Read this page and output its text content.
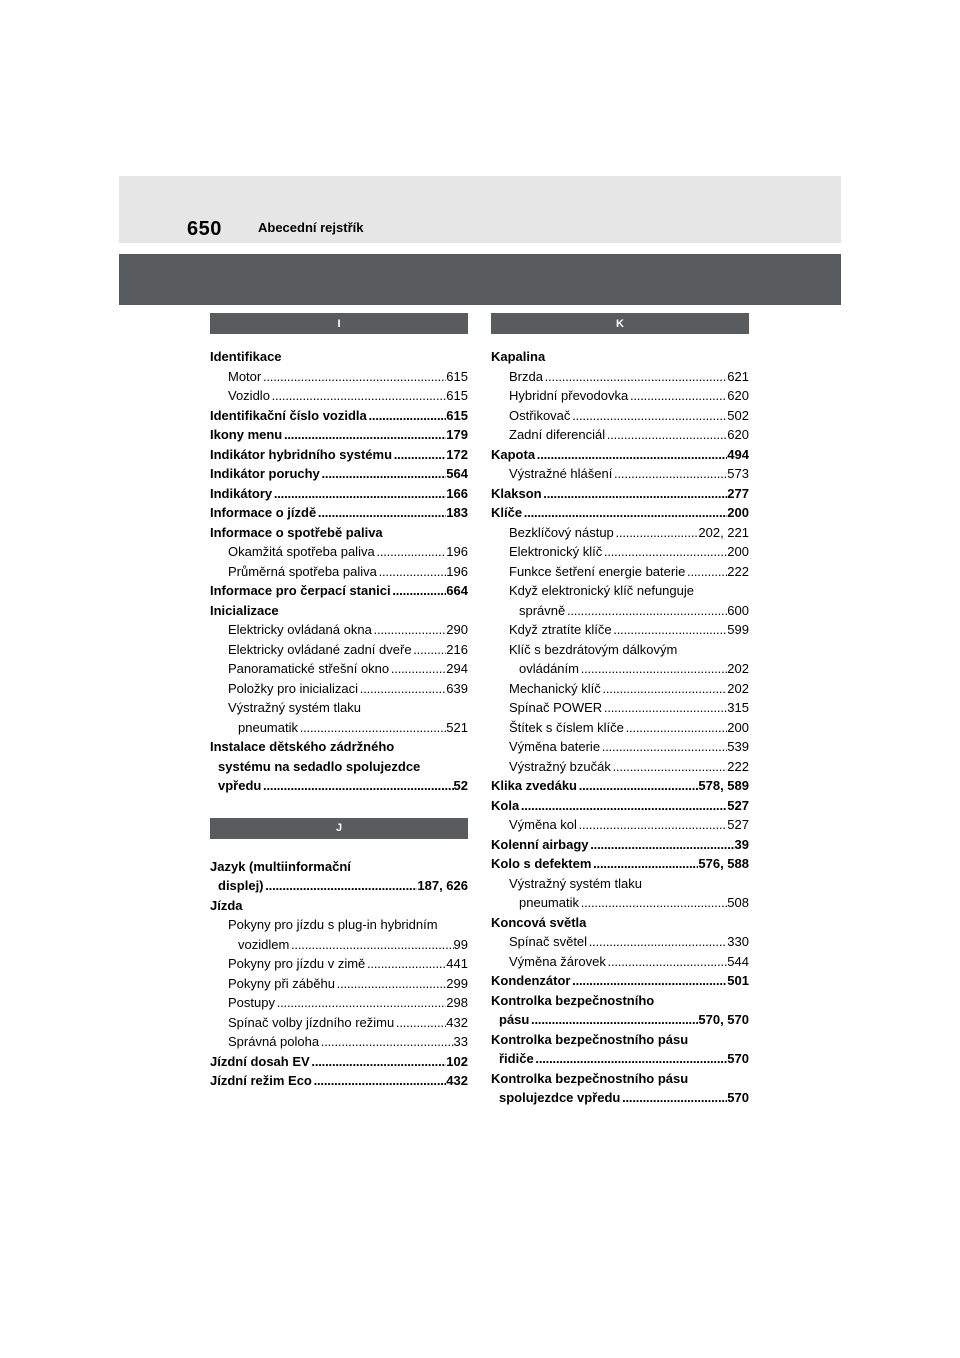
650	Abecední rejstřík
I
Identifikace
Motor . . .	615
Vozidlo . . .	615
Identifikační číslo vozidla . . .	615
Ikony menu . . .	179
Indikátor hybridního systému . . .	172
Indikátor poruchy . . .	564
Indikátory . . .	166
Informace o jízdě . . .	183
Informace o spotřebě paliva
Okamžitá spotřeba paliva . . .	196
Průměrná spotřeba paliva . . .	196
Informace pro čerpací stanici . . .	664
Inicializace
Elektricky ovládaná okna . . .	290
Elektricky ovládané zadní dveře . . .	216
Panoramatické střešní okno . . .	294
Položky pro inicializaci . . .	639
Výstražný systém tlaku
pneumatik . . .	521
Instalace dětského zádržného
systému na sedadlo spolujezdce
vpředu . . .	52
J
Jazyk (multiinformační
displej) . . .	187, 626
Jízda
Pokyny pro jízdu s plug-in hybridním
vozidlem . . .	99
Pokyny pro jízdu v zimě . . .	441
Pokyny při záběhu . . .	299
Postupy . . .	298
Spínač volby jízdního režimu . . .	432
Správná poloha . . .	33
Jízdní dosah EV . . .	102
Jízdní režim Eco . . .	432
K
Kapalina
Brzda . . .	621
Hybridní převodovka . . .	620
Ostřikovač . . .	502
Zadní diferenciál . . .	620
Kapota . . .	494
Výstražné hlášení . . .	573
Klakson . . .	277
Klíče . . .	200
Bezklíčový nástup . . .	202, 221
Elektronický klíč . . .	200
Funkce šetření energie baterie . . .	222
Když elektronický klíč nefunguje
správně . . .	600
Když ztratíte klíče . . .	599
Klíč s bezdrátovým dálkovým
ovládáním . . .	202
Mechanický klíč . . .	202
Spínač POWER . . .	315
Štítek s číslem klíče . . .	200
Výměna baterie . . .	539
Výstražný bzučák . . .	222
Klika zvedáku . . .	578, 589
Kola . . .	527
Výměna kol . . .	527
Kolenní airbagy . . .	39
Kolo s defektem . . .	576, 588
Výstražný systém tlaku
pneumatik . . .	508
Koncová světla
Spínač světel . . .	330
Výměna žárovek . . .	544
Kondenzátor . . .	501
Kontrolka bezpečnostního
pásu . . .	570, 570
Kontrolka bezpečnostního pásu
řidiče . . .	570
Kontrolka bezpečnostního pásu
spolujezdce vpředu . . .	570
